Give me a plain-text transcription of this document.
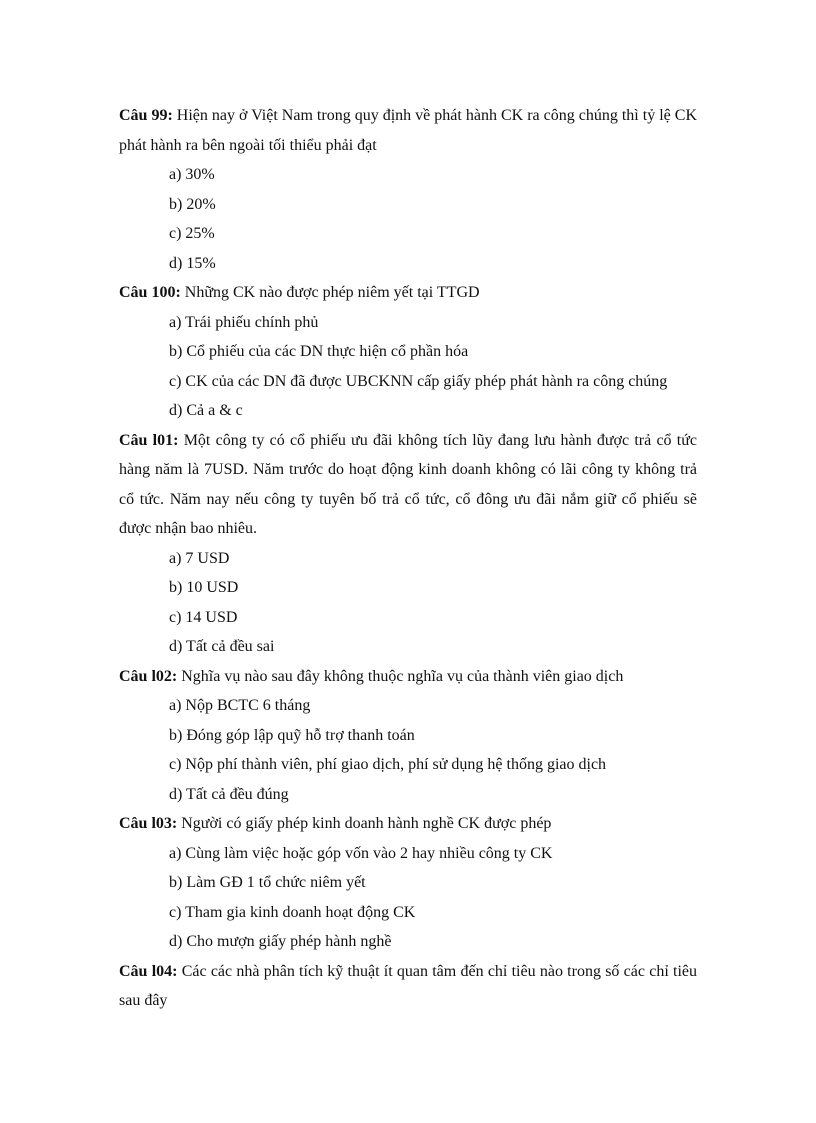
Câu 99: Hiện nay ở Việt Nam trong quy định về phát hành CK ra công chúng thì tỷ lệ CK phát hành ra bên ngoài tối thiểu phải đạt

a) 30%

b) 20%

c) 25%

d) 15%

Câu 100: Những CK nào được phép niêm yết tại TTGD

a) Trái phiếu chính phủ

b) Cổ phiếu của các DN thực hiện cổ phần hóa

c) CK của các DN đã được UBCKNN cấp giấy phép phát hành ra công chúng

d) Cả a & c

Câu l01: Một công ty có cổ phiếu ưu đãi không tích lũy đang lưu hành được trả cổ tức hàng năm là 7USD. Năm trước do hoạt động kinh doanh không có lãi công ty không trả cổ tức. Năm nay nếu công ty tuyên bố trả cổ tức, cổ đông ưu đãi nắm giữ cổ phiếu sẽ được nhận bao nhiêu.

a) 7 USD

b) 10 USD

c) 14 USD

d) Tất cả đều sai

Câu l02: Nghĩa vụ nào sau đây không thuộc nghĩa vụ của thành viên giao dịch

a) Nộp BCTC 6 tháng

b) Đóng góp lập quỹ hỗ trợ thanh toán

c) Nộp phí thành viên, phí giao dịch, phí sử dụng hệ thống giao dịch

d) Tất cả đều đúng

Câu l03: Người có giấy phép kinh doanh hành nghề CK được phép

a) Cùng làm việc hoặc góp vốn vào 2 hay nhiều công ty CK

b) Làm GĐ 1 tổ chức niêm yết

c) Tham gia kinh doanh hoạt động CK

d) Cho mượn giấy phép hành nghề

Câu l04: Các các nhà phân tích kỹ thuật ít quan tâm đến chỉ tiêu nào trong số các chỉ tiêu sau đây
